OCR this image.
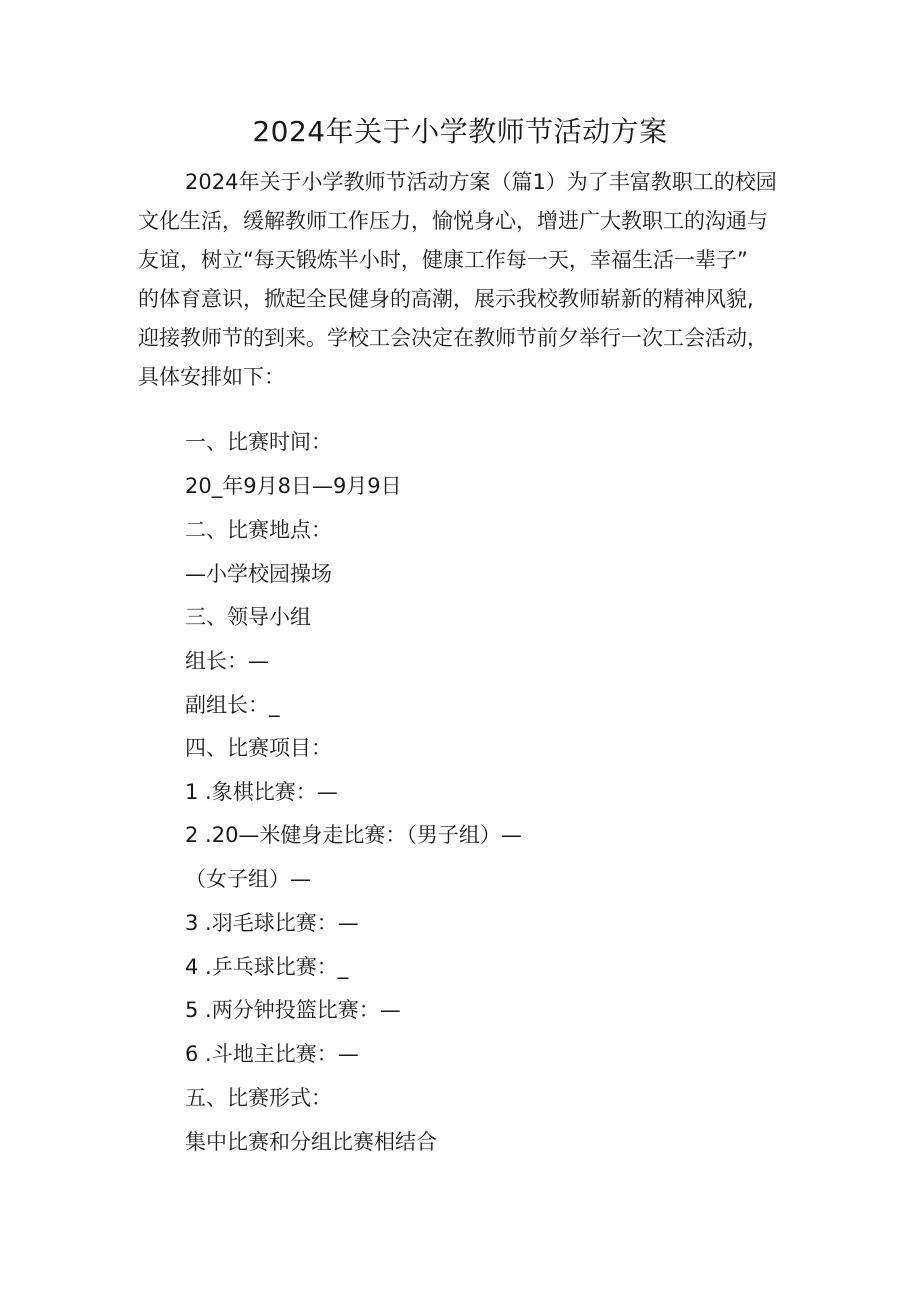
2024年关于小学教师节活动方案

2024年关于小学教师节活动方案（篇1）为了丰富教职工的校园
文化生活，缓解教师工作压力，愉悦身心，增进广大教职工的沟通与
友谊，树立“每天锻炼半小时，健康工作每一天，幸福生活一辈子”
的体育意识，掀起全民健身的高潮，展示我校教师崭新的精神风貌,
迎接教师节的到来。学校工会决定在教师节前夕举行一次工会活动，
具体安排如下：

一、比赛时间：

20_年9月8日—9月9日

二、比赛地点：

—小学校园操场

三、领导小组

组长：—

副组长：_

四、比赛项目：

1 .象棋比赛：—

2 .20—米健身走比赛：（男子组）—

（女子组）—

3 .羽毛球比赛：—

4 .乒乓球比赛：_

5 .两分钟投篮比赛：—

6 .斗地主比赛：—

五、比赛形式：

集中比赛和分组比赛相结合
